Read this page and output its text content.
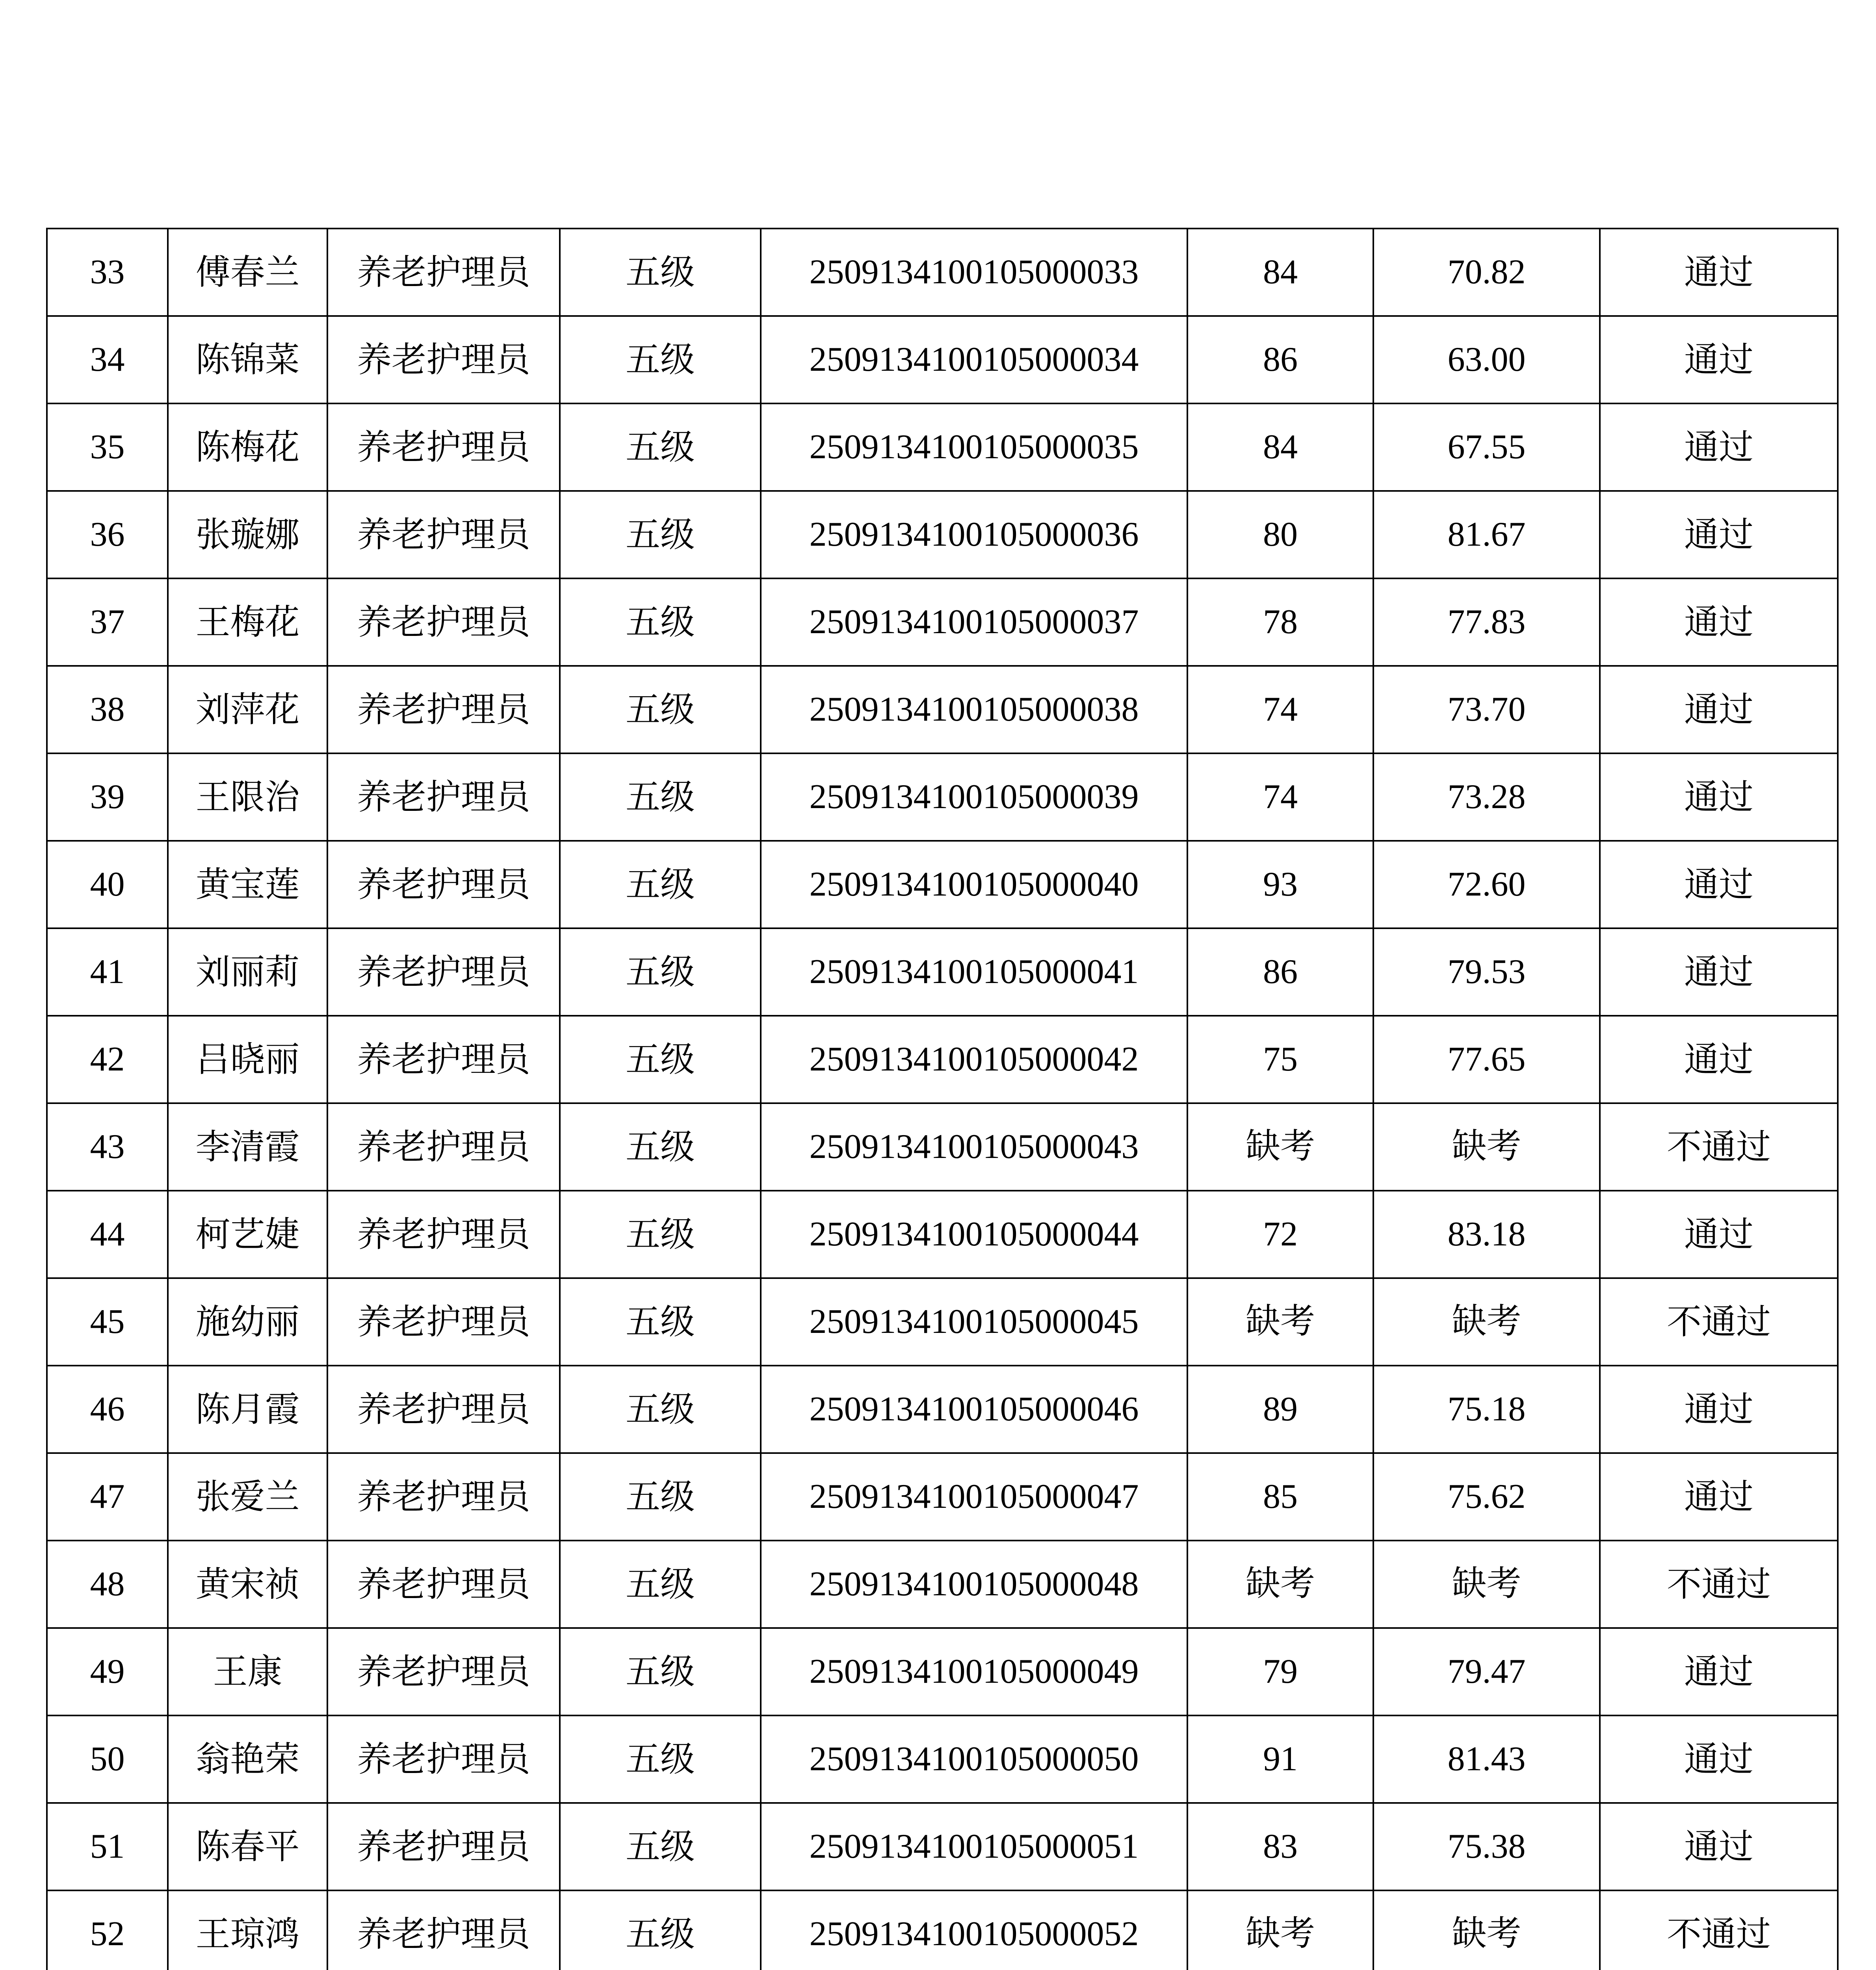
33	傅春兰	养老护理员	五级	2509134100105000033	84	70.82	通过
34	陈锦菜	养老护理员	五级	2509134100105000034	86	63.00	通过
35	陈梅花	养老护理员	五级	2509134100105000035	84	67.55	通过
36	张璇娜	养老护理员	五级	2509134100105000036	80	81.67	通过
37	王梅花	养老护理员	五级	2509134100105000037	78	77.83	通过
38	刘萍花	养老护理员	五级	2509134100105000038	74	73.70	通过
39	王限治	养老护理员	五级	2509134100105000039	74	73.28	通过
40	黄宝莲	养老护理员	五级	2509134100105000040	93	72.60	通过
41	刘丽莉	养老护理员	五级	2509134100105000041	86	79.53	通过
42	吕晓丽	养老护理员	五级	2509134100105000042	75	77.65	通过
43	李清霞	养老护理员	五级	2509134100105000043	缺考	缺考	不通过
44	柯艺婕	养老护理员	五级	2509134100105000044	72	83.18	通过
45	施幼丽	养老护理员	五级	2509134100105000045	缺考	缺考	不通过
46	陈月霞	养老护理员	五级	2509134100105000046	89	75.18	通过
47	张爱兰	养老护理员	五级	2509134100105000047	85	75.62	通过
48	黄宋祯	养老护理员	五级	2509134100105000048	缺考	缺考	不通过
49	王康	养老护理员	五级	2509134100105000049	79	79.47	通过
50	翁艳荣	养老护理员	五级	2509134100105000050	91	81.43	通过
51	陈春平	养老护理员	五级	2509134100105000051	83	75.38	通过
52	王琼鸿	养老护理员	五级	2509134100105000052	缺考	缺考	不通过
